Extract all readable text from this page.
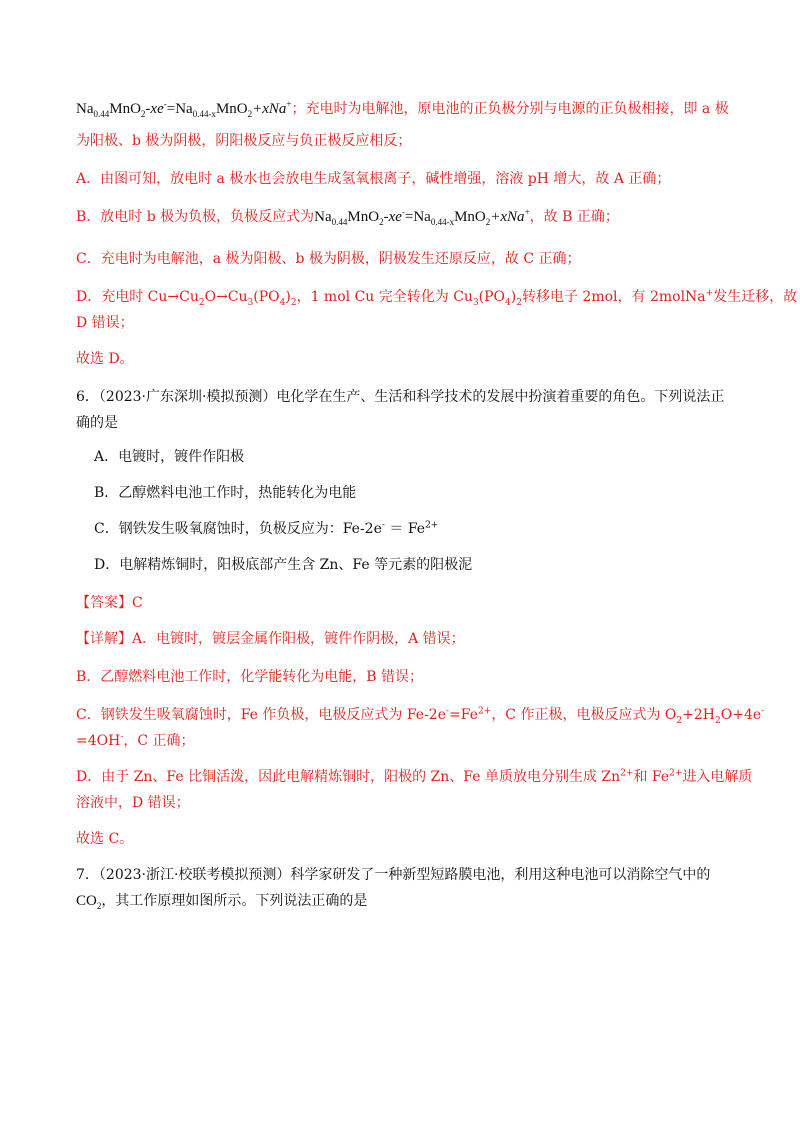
$Na_{0.44}MnO_2-xe^-=Na_{0.44-x}MnO_2+xNa^+$；充电时为电解池，原电池的正负极分别与电源的正负极相接，即 a 极
为阳极、b 极为阴极，阴阳极反应与负正极反应相反；
A．由图可知，放电时 a 极水也会放电生成氢氧根离子，碱性增强，溶液 pH 增大，故 A 正确；
B．放电时 b 极为负极，负极反应式为$Na_{0.44}MnO_2-xe^-=Na_{0.44-x}MnO_2+xNa^+$，故 B 正确；
C．充电时为电解池，a 极为阳极、b 极为阴极，阴极发生还原反应，故 C 正确；
D．充电时 $Cu\to Cu_2O\to Cu_3(PO_4)_2$，1 mol Cu 完全转化为 $Cu_3(PO_4)_2$转移电子 2mol，有 2molNa+发生迁移，故
D 错误；
故选 D。
6．（2023·广东深圳·模拟预测）电化学在生产、生活和科学技术的发展中扮演着重要的角色。下列说法正
确的是
A．电镀时，镀件作阳极
B．乙醇燃料电池工作时，热能转化为电能
C．钢铁发生吸氧腐蚀时，负极反应为：$Fe-2e^- = Fe^{2+}$
D．电解精炼铜时，阳极底部产生含 Zn、Fe 等元素的阳极泥
【答案】C
【详解】A．电镀时，镀层金属作阳极，镀件作阴极，A 错误；
B．乙醇燃料电池工作时，化学能转化为电能，B 错误；
C．钢铁发生吸氧腐蚀时，Fe 作负极，电极反应式为 $Fe-2e^-=Fe^{2+}$，C 作正极，电极反应式为 $O_2+2H_2O+4e^-$
=4OH-，C 正确；
D．由于 Zn、Fe 比铜活泼，因此电解精炼铜时，阳极的 Zn、Fe 单质放电分别生成 $Zn^{2+}$和 $Fe^{2+}$进入电解质
溶液中，D 错误；
故选 C。
7．（2023·浙江·校联考模拟预测）科学家研发了一种新型短路膜电池，利用这种电池可以消除空气中的
$CO_2$，其工作原理如图所示。下列说法正确的是
